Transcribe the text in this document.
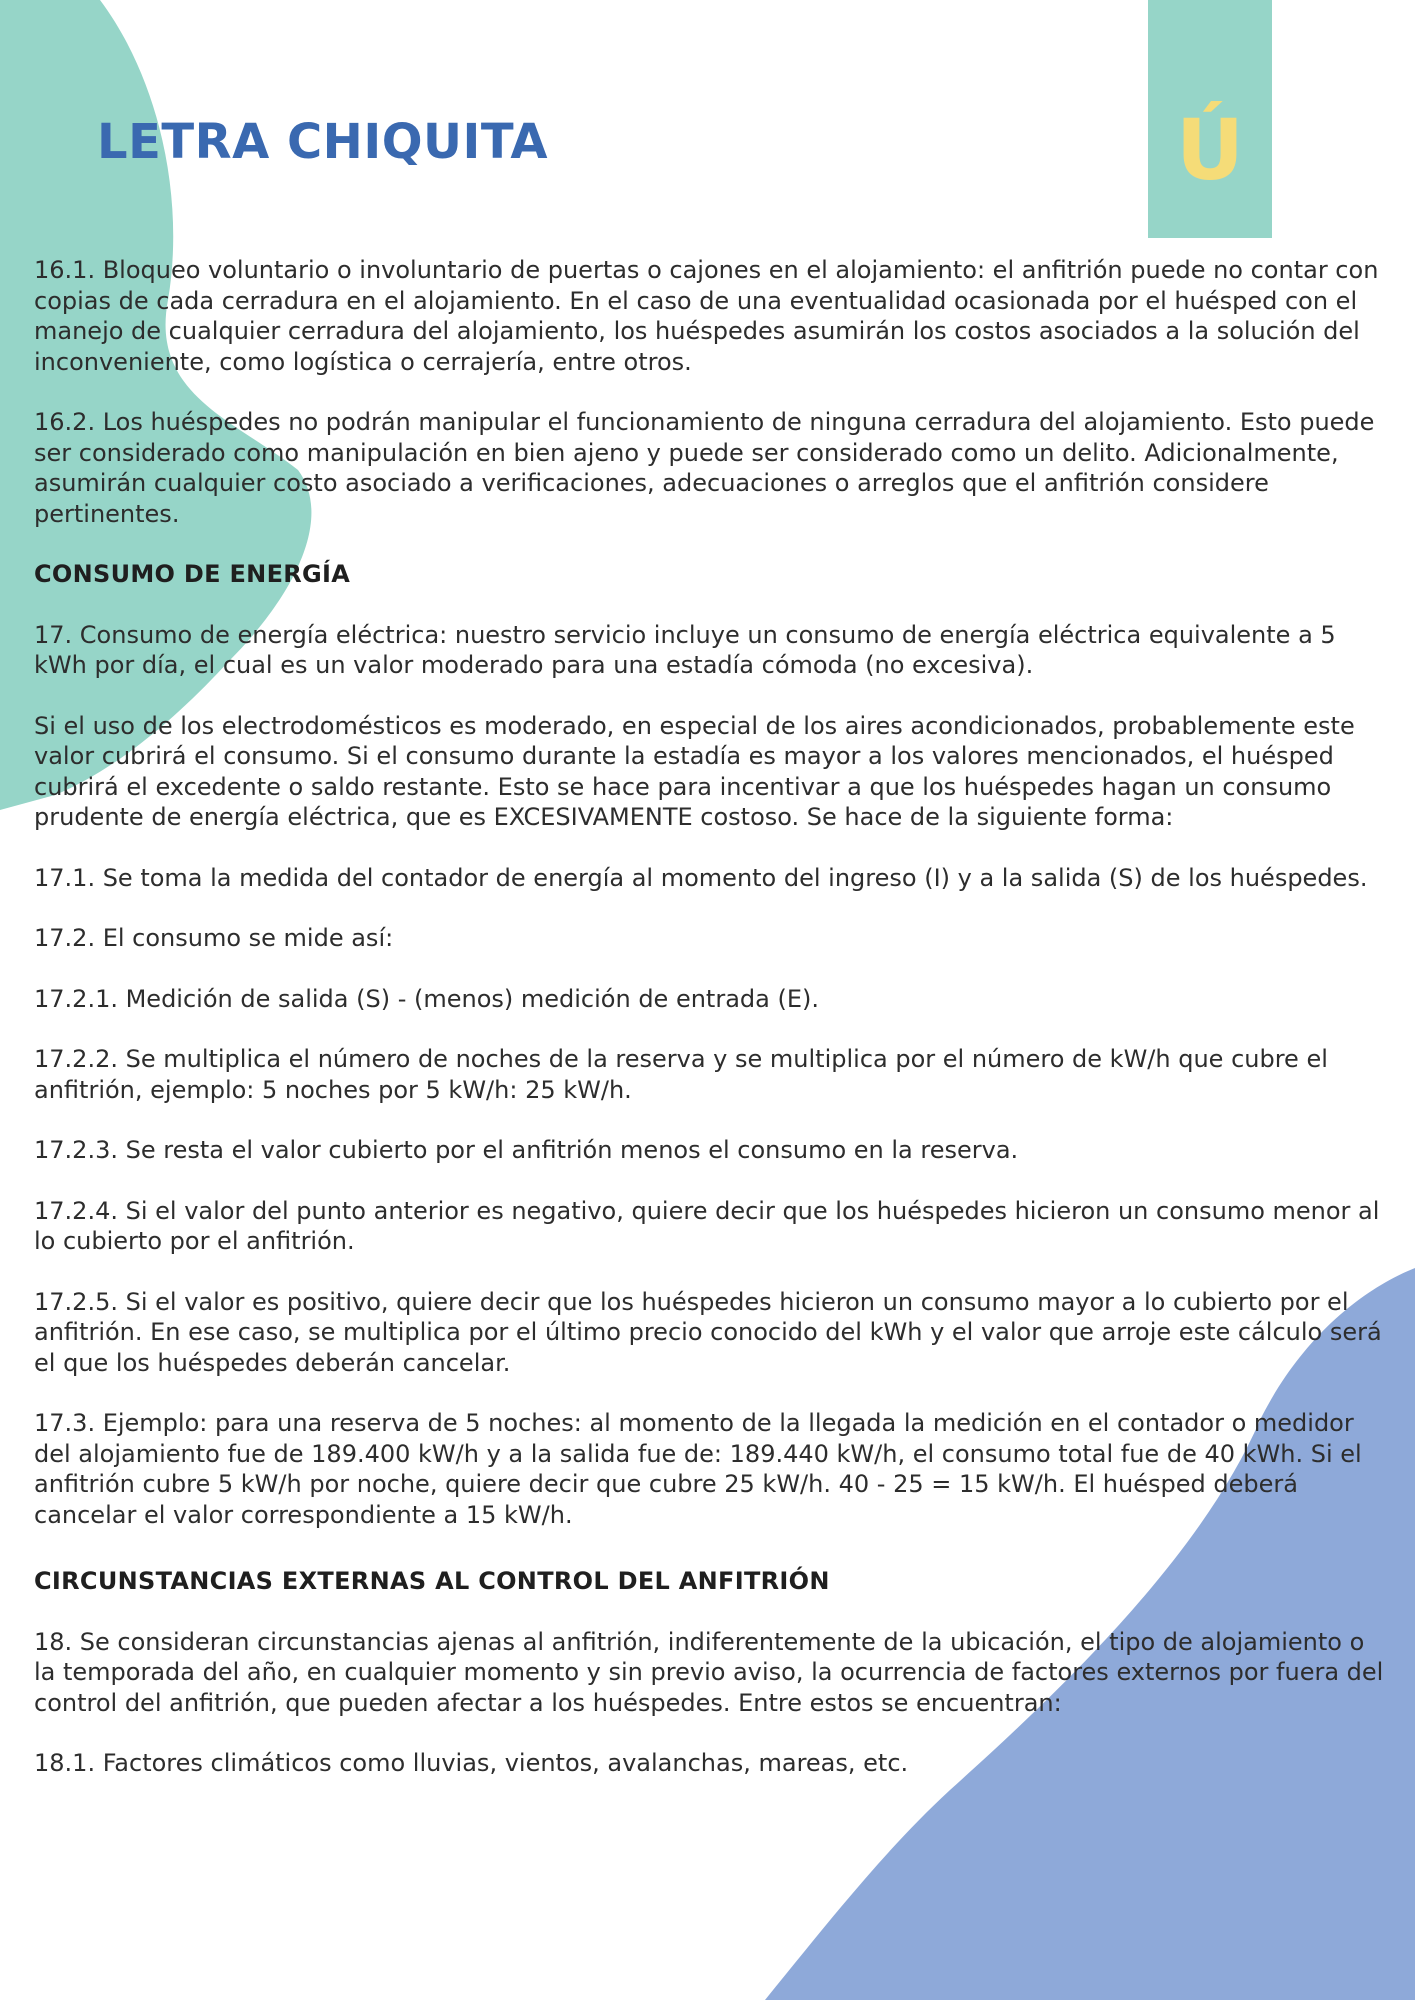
Ú
LETRA CHIQUITA

16.1. Bloqueo voluntario o involuntario de puertas o cajones en el alojamiento: el anfitrión puede no contar con copias de cada cerradura en el alojamiento. En el caso de una eventualidad ocasionada por el huésped con el manejo de cualquier cerradura del alojamiento, los huéspedes asumirán los costos asociados a la solución del inconveniente, como logística o cerrajería, entre otros.

16.2. Los huéspedes no podrán manipular el funcionamiento de ninguna cerradura del alojamiento. Esto puede ser considerado como manipulación en bien ajeno y puede ser considerado como un delito. Adicionalmente, asumirán cualquier costo asociado a verificaciones, adecuaciones o arreglos que el anfitrión considere pertinentes.

CONSUMO DE ENERGÍA

17. Consumo de energía eléctrica: nuestro servicio incluye un consumo de energía eléctrica equivalente a 5 kWh por día, el cual es un valor moderado para una estadía cómoda (no excesiva).

Si el uso de los electrodomésticos es moderado, en especial de los aires acondicionados, probablemente este valor cubrirá el consumo. Si el consumo durante la estadía es mayor a los valores mencionados, el huésped cubrirá el excedente o saldo restante. Esto se hace para incentivar a que los huéspedes hagan un consumo prudente de energía eléctrica, que es EXCESIVAMENTE costoso. Se hace de la siguiente forma:

17.1. Se toma la medida del contador de energía al momento del ingreso (I) y a la salida (S) de los huéspedes.

17.2. El consumo se mide así:

17.2.1. Medición de salida (S) - (menos) medición de entrada (E).

17.2.2. Se multiplica el número de noches de la reserva y se multiplica por el número de kW/h que cubre el anfitrión, ejemplo: 5 noches por 5 kW/h: 25 kW/h.

17.2.3. Se resta el valor cubierto por el anfitrión menos el consumo en la reserva.

17.2.4. Si el valor del punto anterior es negativo, quiere decir que los huéspedes hicieron un consumo menor al lo cubierto por el anfitrión.

17.2.5. Si el valor es positivo, quiere decir que los huéspedes hicieron un consumo mayor a lo cubierto por el anfitrión. En ese caso, se multiplica por el último precio conocido del kWh y el valor que arroje este cálculo será el que los huéspedes deberán cancelar.

17.3. Ejemplo: para una reserva de 5 noches: al momento de la llegada la medición en el contador o medidor del alojamiento fue de 189.400 kW/h y a la salida fue de: 189.440 kW/h, el consumo total fue de 40 kWh. Si el anfitrión cubre 5 kW/h por noche, quiere decir que cubre 25 kW/h. 40 - 25 = 15 kW/h. El huésped deberá cancelar el valor correspondiente a 15 kW/h.

CIRCUNSTANCIAS EXTERNAS AL CONTROL DEL ANFITRIÓN

18. Se consideran circunstancias ajenas al anfitrión, indiferentemente de la ubicación, el tipo de alojamiento o la temporada del año, en cualquier momento y sin previo aviso, la ocurrencia de factores externos por fuera del control del anfitrión, que pueden afectar a los huéspedes. Entre estos se encuentran:

18.1. Factores climáticos como lluvias, vientos, avalanchas, mareas, etc.
